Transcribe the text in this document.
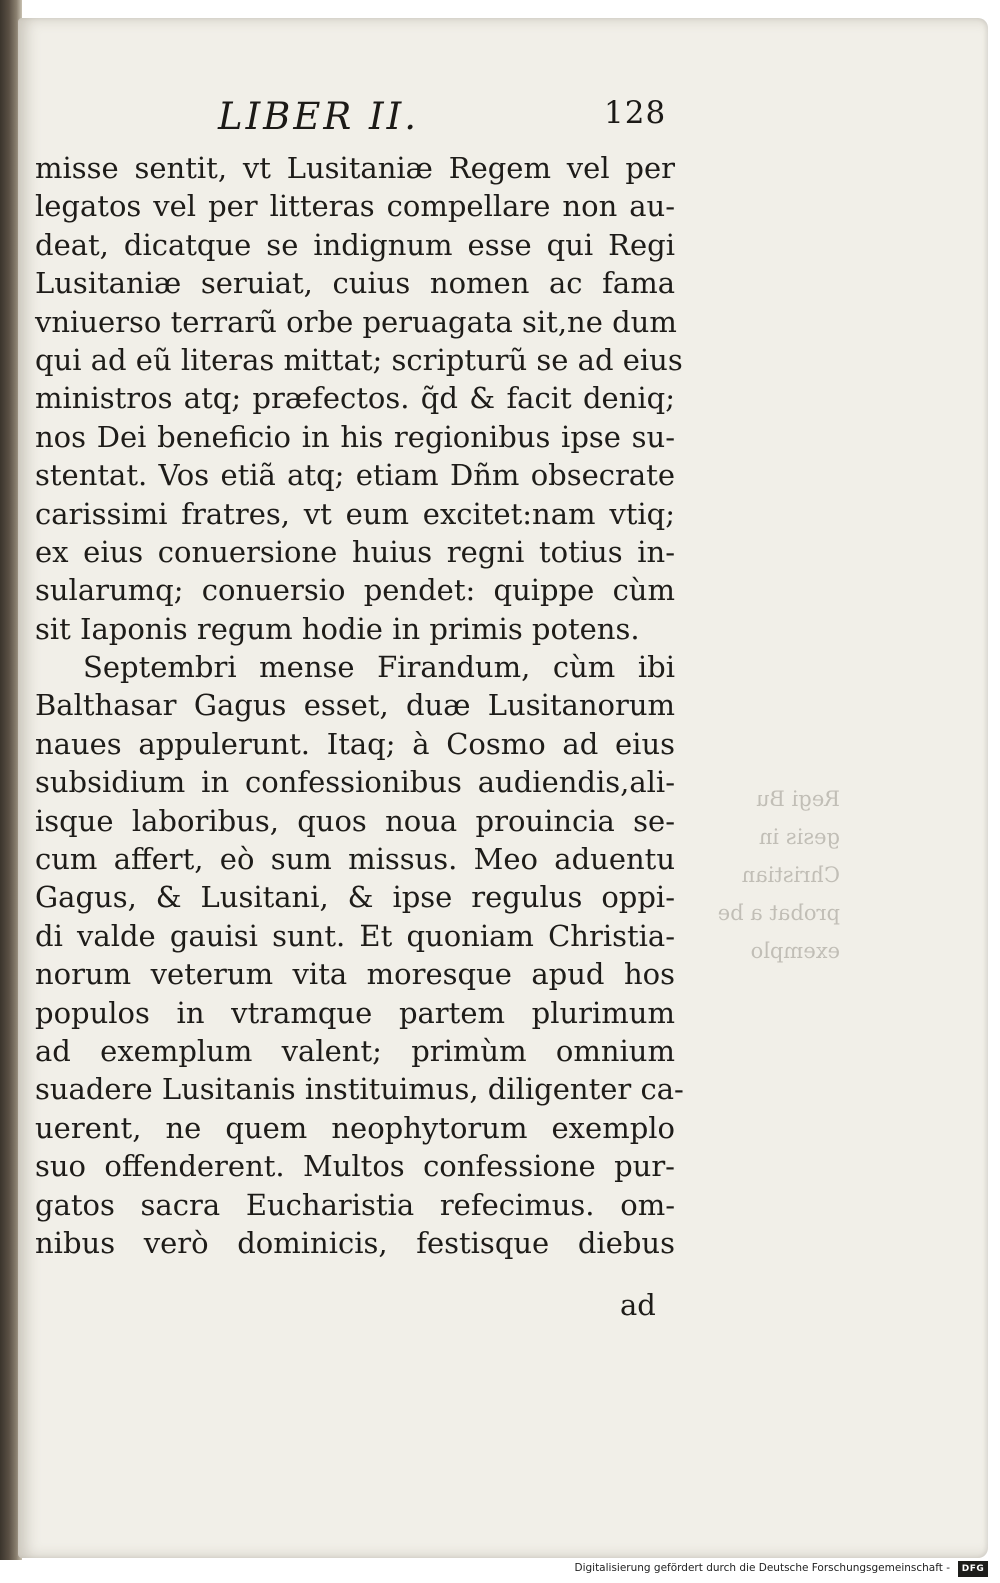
Regi Bu
gesis in
Christian
probat a
exemplo
LIBER II.	128
misse sentit, vt Lusitaniæ Regem vel per
legatos vel per litteras compellare non au-
deat, dicatque se indignum esse qui Regi
Lusitaniæ seruiat, cuius nomen ac fama
vniuerso terrarũ orbe peruagata sit,ne dum
qui ad eũ literas mittat; scripturũ se ad eius
ministros atq; præfectos. q̃d & facit deniq;
nos Dei beneficio in his regionibus ipse su-
stentat. Vos etiã atq; etiam Dñm obsecrate
carissimi fratres, vt eum excitet:nam vtiq;
ex eius conuersione huius regni totius in-
sularumq; conuersio pendet: quippe cùm
sit Iaponis regum hodie in primis potens.
Septembri mense Firandum, cùm ibi
Balthasar Gagus esset, duæ Lusitanorum
naues appulerunt. Itaq; à Cosmo ad eius
subsidium in confessionibus audiendis,ali-
isque laboribus, quos noua prouincia se-
cum affert, eò sum missus. Meo aduentu
Gagus, & Lusitani, & ipse regulus oppi-
di valde gauisi sunt. Et quoniam Christia-
norum veterum vita moresque apud hos
populos in vtramque partem plurimum
ad exemplum valent; primùm omnium
suadere Lusitanis instituimus, diligenter ca-
uerent, ne quem neophytorum exemplo
suo offenderent. Multos confessione pur-
gatos sacra Eucharistia refecimus. om-
nibus verò dominicis, festisque diebus
ad
Digitalisierung gefördert durch die Deutsche Forschungsgemeinschaft -	DFG
